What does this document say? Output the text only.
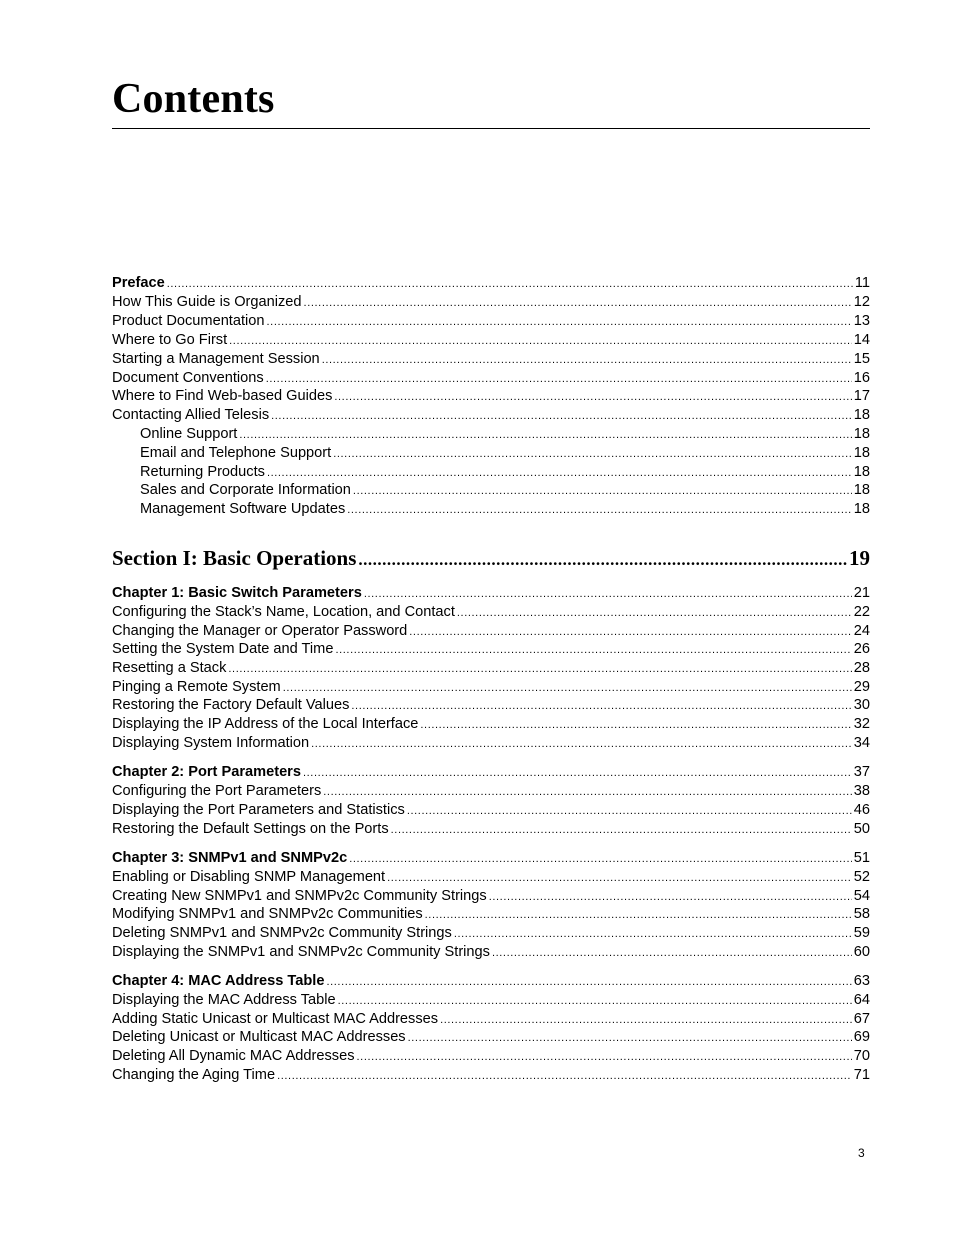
Contents
Preface .....	11
How This Guide is Organized .....	12
Product Documentation .....	13
Where to Go First .....	14
Starting a Management Session .....	15
Document Conventions .....	16
Where to Find Web-based Guides .....	17
Contacting Allied Telesis .....	18
Online Support .....	18
Email and Telephone Support .....	18
Returning Products .....	18
Sales and Corporate Information .....	18
Management Software Updates .....	18
Section I: Basic Operations .....	19
Chapter 1: Basic Switch Parameters .....	21
Configuring the Stack’s Name, Location, and Contact .....	22
Changing the Manager or Operator Password .....	24
Setting the System Date and Time .....	26
Resetting a Stack .....	28
Pinging a Remote System .....	29
Restoring the Factory Default Values .....	30
Displaying the IP Address of the Local Interface .....	32
Displaying System Information .....	34
Chapter 2: Port Parameters .....	37
Configuring the Port Parameters .....	38
Displaying the Port Parameters and Statistics .....	46
Restoring the Default Settings on the Ports .....	50
Chapter 3: SNMPv1 and SNMPv2c .....	51
Enabling or Disabling SNMP Management .....	52
Creating New SNMPv1 and SNMPv2c Community Strings .....	54
Modifying SNMPv1 and SNMPv2c Communities .....	58
Deleting SNMPv1 and SNMPv2c Community Strings .....	59
Displaying the SNMPv1 and SNMPv2c Community Strings .....	60
Chapter 4: MAC Address Table .....	63
Displaying the MAC Address Table .....	64
Adding Static Unicast or Multicast MAC Addresses .....	67
Deleting Unicast or Multicast MAC Addresses .....	69
Deleting All Dynamic MAC Addresses .....	70
Changing the Aging Time .....	71
3
